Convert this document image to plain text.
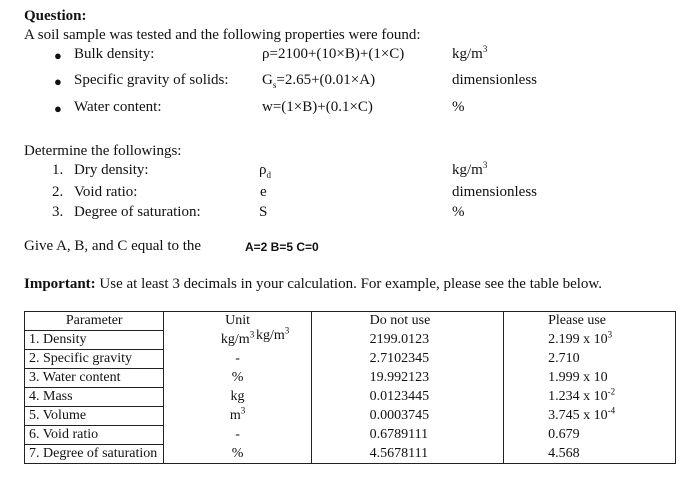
Question:
A soil sample was tested and the following properties were found:
● Bulk density:	ρ=2100+(10×B)+(1×C)	$kg/m^3$
● Specific gravity of solids: $G_s=2.65+(0.01\times A)$	dimensionless
● Water content:	w=(1×B)+(0.1×C)	%
Determine the followings:
1. Dry density:	$\rho_d$	$kg/m^3$
2. Void ratio:	e	dimensionless
3. Degree of saturation:	S	%
Give A, B, and C equal to the	A=2 B=5 C=0
Important: Use at least 3 decimals in your calculation. For example, please see the table below.
Parameter	Unit	Do not use	Please use
1. Density	$kg/m^3$	2199.0123	2.199 x $10^3$
2. Specific gravity	-	2.7102345	2.710
3. Water content	%	19.992123	1.999 x 10
4. Mass	kg	0.0123445	1.234 x $10^{-2}$
5. Volume	$m^3$	0.0003745	3.745 x $10^{-4}$
6. Void ratio	-	0.6789111	0.679
7. Degree of saturation	%	4.5678111	4.568
$kg/m^3$
